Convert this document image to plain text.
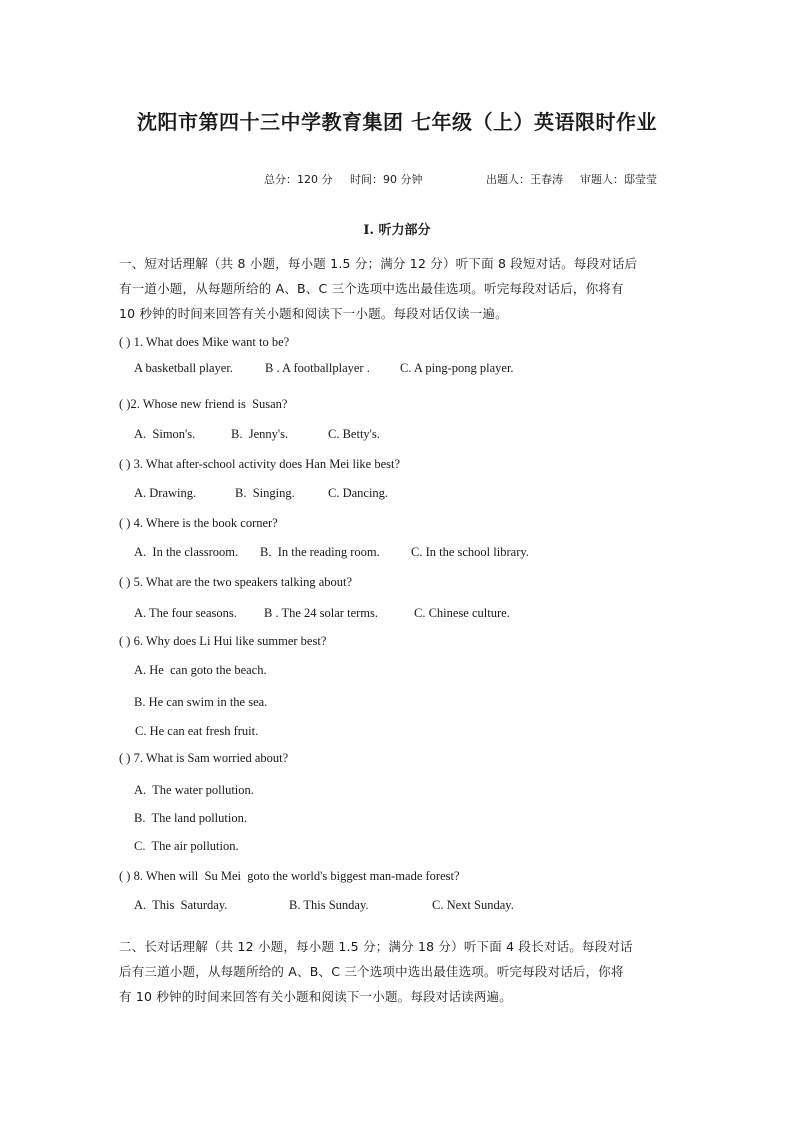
沈阳市第四十三中学教育集团 七年级（上）英语限时作业
总分：120 分 时间：90 分钟	出题人：王春涛 审题人：邸莹莹
I. 听力部分
一、短对话理解（共 8 小题，每小题 1.5 分；满分 12 分）听下面 8 段短对话。每段对话后
有一道小题，从每题所给的 A、B、C 三个选项中选出最佳选项。听完每段对话后，你将有
10 秒钟的时间来回答有关小题和阅读下一小题。每段对话仅读一遍。
( ) 1. What does Mike want to be?
A basketball player.	B . A footballplayer . C. A ping-pong player.
( )2. Whose new friend is  Susan?
A.  Simon's.	B.  Jenny's.	C. Betty's.
( ) 3. What after-school activity does Han Mei like best?
A. Drawing.	B.  Singing.	C. Dancing.
( ) 4. Where is the book corner?
A.  In the classroom. B.  In the reading room. C. In the school library.
( ) 5. What are the two speakers talking about?
A. The four seasons. B . The 24 solar terms.	C. Chinese culture.
( ) 6. Why does Li Hui like summer best?
A. He  can goto the beach.
B. He can swim in the sea.
C. He can eat fresh fruit.
( ) 7. What is Sam worried about?
A.  The water pollution.
B.  The land pollution.
C.  The air pollution.
( ) 8. When will  Su Mei  goto the world's biggest man-made forest?
A.  This  Saturday.	B. This Sunday.	C. Next Sunday.
二、长对话理解（共 12 小题，每小题 1.5 分；满分 18 分）听下面 4 段长对话。每段对话
后有三道小题，从每题所给的 A、B、C 三个选项中选出最佳选项。听完每段对话后，你将
有 10 秒钟的时间来回答有关小题和阅读下一小题。每段对话读两遍。
